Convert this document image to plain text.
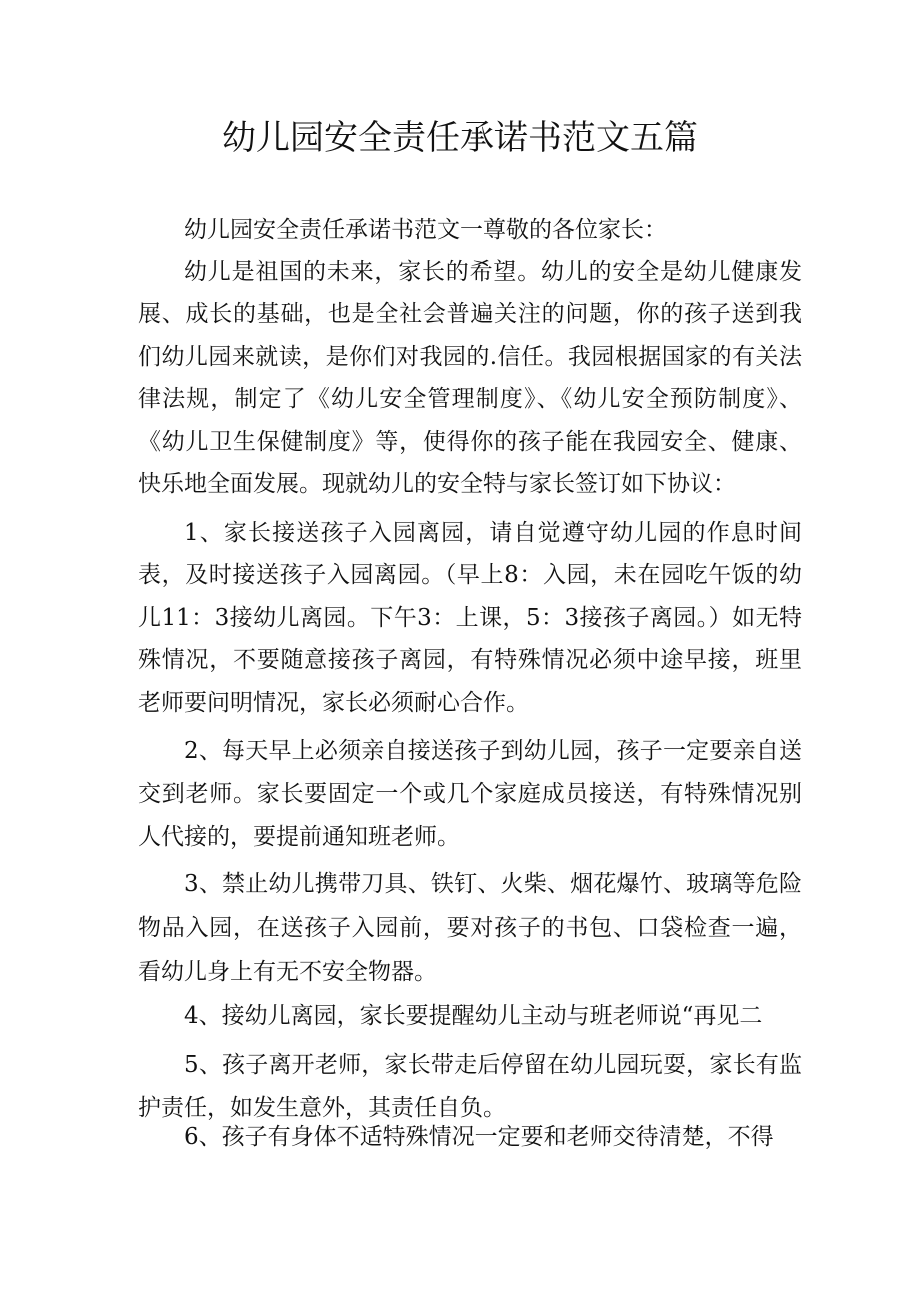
幼儿园安全责任承诺书范文五篇

幼儿园安全责任承诺书范文一尊敬的各位家长：

幼儿是祖国的未来，家长的希望。幼儿的安全是幼儿健康发展、成长的基础，也是全社会普遍关注的问题，你的孩子送到我们幼儿园来就读，是你们对我园的.信任。我园根据国家的有关法律法规，制定了《幼儿安全管理制度》、《幼儿安全预防制度》、《幼儿卫生保健制度》等，使得你的孩子能在我园安全、健康、快乐地全面发展。现就幼儿的安全特与家长签订如下协议：

1、家长接送孩子入园离园，请自觉遵守幼儿园的作息时间表，及时接送孩子入园离园。（早上8：入园，未在园吃午饭的幼儿11：3接幼儿离园。下午3：上课，5：3接孩子离园。）如无特殊情况，不要随意接孩子离园，有特殊情况必须中途早接，班里老师要问明情况，家长必须耐心合作。

2、每天早上必须亲自接送孩子到幼儿园，孩子一定要亲自送交到老师。家长要固定一个或几个家庭成员接送，有特殊情况别人代接的，要提前通知班老师。

3、禁止幼儿携带刀具、铁钉、火柴、烟花爆竹、玻璃等危险物品入园，在送孩子入园前，要对孩子的书包、口袋检查一遍，看幼儿身上有无不安全物器。

4、接幼儿离园，家长要提醒幼儿主动与班老师说“再见二

5、孩子离开老师，家长带走后停留在幼儿园玩耍，家长有监护责任，如发生意外，其责任自负。

6、孩子有身体不适特殊情况一定要和老师交待清楚，不得
